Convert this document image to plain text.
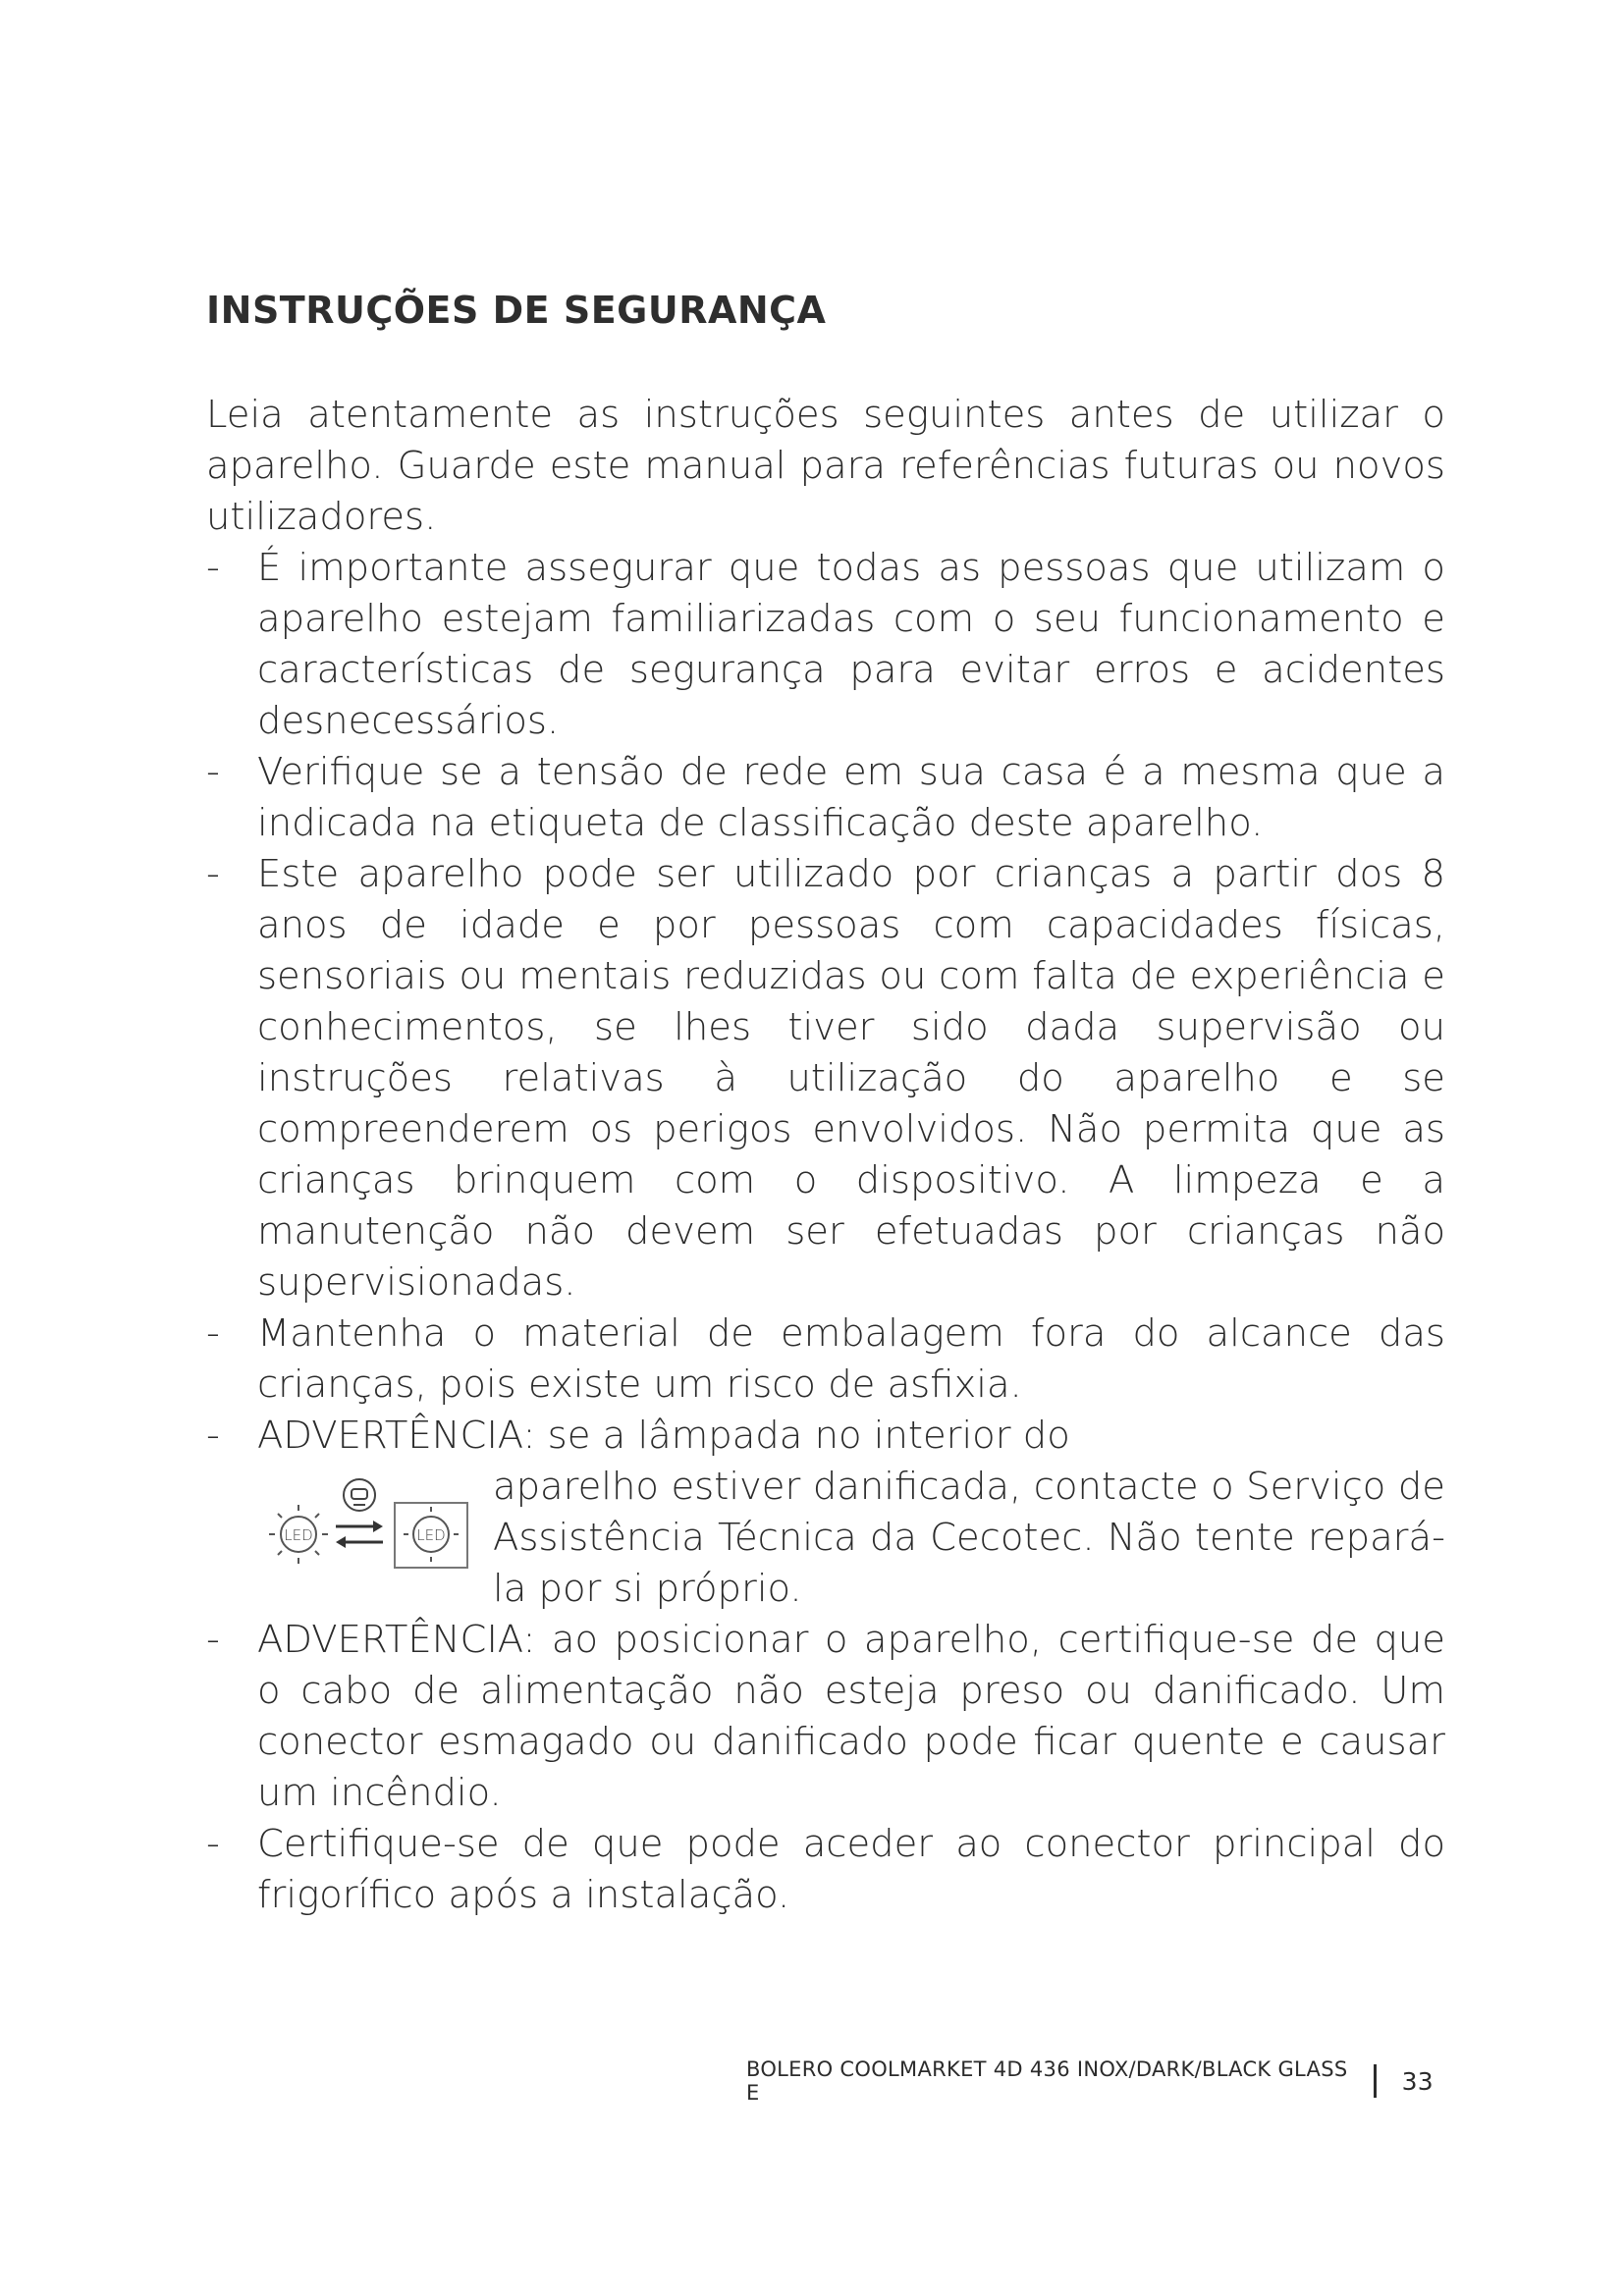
INSTRUÇÕES DE SEGURANÇA

Leia atentamente as instruções seguintes antes de utilizar o aparelho. Guarde este manual para referências futuras ou novos utilizadores.

- É importante assegurar que todas as pessoas que utilizam o aparelho estejam familiarizadas com o seu funcionamento e características de segurança para evitar erros e acidentes desnecessários.
- Verifique se a tensão de rede em sua casa é a mesma que a indicada na etiqueta de classificação deste aparelho.
- Este aparelho pode ser utilizado por crianças a partir dos 8 anos de idade e por pessoas com capacidades físicas, sensoriais ou mentais reduzidas ou com falta de experiência e conhecimentos, se lhes tiver sido dada supervisão ou instruções relativas à utilização do aparelho e se compreenderem os perigos envolvidos. Não permita que as crianças brinquem com o dispositivo. A limpeza e a manutenção não devem ser efetuadas por crianças não supervisionadas.
- Mantenha o material de embalagem fora do alcance das crianças, pois existe um risco de asfixia.
- ADVERTÊNCIA: se a lâmpada no interior do
LED	LED
aparelho estiver danificada, contacte o Serviço de Assistência Técnica da Cecotec. Não tente repará-la por si próprio.
- ADVERTÊNCIA: ao posicionar o aparelho, certifique-se de que o cabo de alimentação não esteja preso ou danificado. Um conector esmagado ou danificado pode ficar quente e causar um incêndio.
- Certifique-se de que pode aceder ao conector principal do frigorífico após a instalação.
BOLERO COOLMARKET 4D 436 INOX/DARK/BLACK GLASS E	33
